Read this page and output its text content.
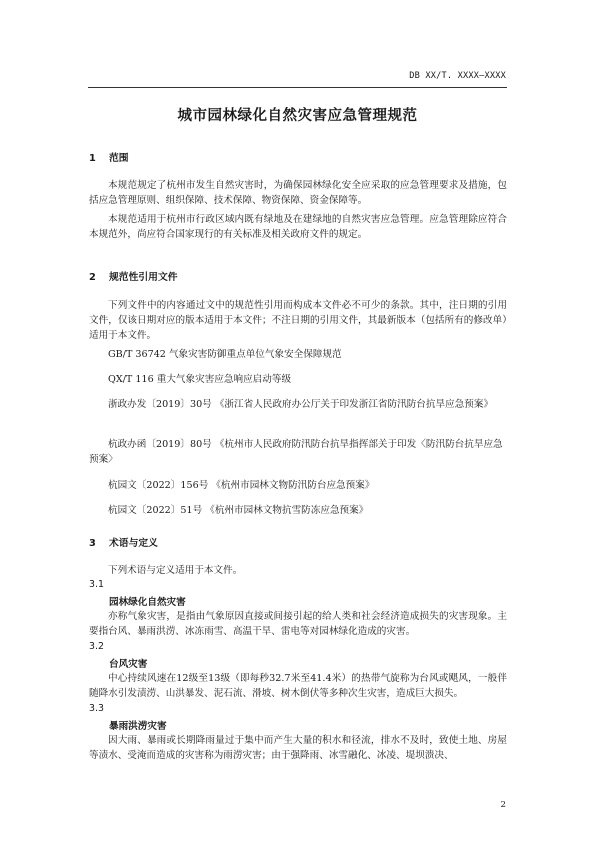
DB XX/T. XXXX—XXXX
城市园林绿化自然灾害应急管理规范
1 范围

本规范规定了杭州市发生自然灾害时，为确保园林绿化安全应采取的应急管理要求及措施，包括应急管理原则、组织保障、技术保障、物资保障、资金保障等。

本规范适用于杭州市行政区域内既有绿地及在建绿地的自然灾害应急管理。应急管理除应符合本规范外，尚应符合国家现行的有关标准及相关政府文件的规定。

2 规范性引用文件

下列文件中的内容通过文中的规范性引用而构成本文件必不可少的条款。其中，注日期的引用文件，仅该日期对应的版本适用于本文件；不注日期的引用文件，其最新版本（包括所有的修改单）适用于本文件。

GB/T 36742 气象灾害防御重点单位气象安全保障规范

QX/T 116 重大气象灾害应急响应启动等级

浙政办发〔2019〕30号 《浙江省人民政府办公厅关于印发浙江省防汛防台抗旱应急预案》

杭政办函〔2019〕80号 《杭州市人民政府防汛防台抗旱指挥部关于印发〈防汛防台抗旱应急预案〉

杭园文〔2022〕156号 《杭州市园林文物防汛防台应急预案》

杭园文〔2022〕51号 《杭州市园林文物抗雪防冻应急预案》

3 术语与定义

下列术语与定义适用于本文件。

3.1
园林绿化自然灾害

亦称气象灾害，是指由气象原因直接或间接引起的给人类和社会经济造成损失的灾害现象。主要指台风、暴雨洪涝、冰冻雨雪、高温干旱、雷电等对园林绿化造成的灾害。

3.2
台风灾害

中心持续风速在12级至13级（即每秒32.7米至41.4米）的热带气旋称为台风或飓风，一般伴随降水引发渍涝、山洪暴发、泥石流、滑坡、树木倒伏等多种次生灾害，造成巨大损失。

3.3
暴雨洪涝灾害

因大雨、暴雨或长期降雨量过于集中而产生大量的积水和径流，排水不及时，致使土地、房屋等渍水、受淹而造成的灾害称为雨涝灾害；由于强降雨、冰雪融化、冰凌、堤坝溃决、

2
